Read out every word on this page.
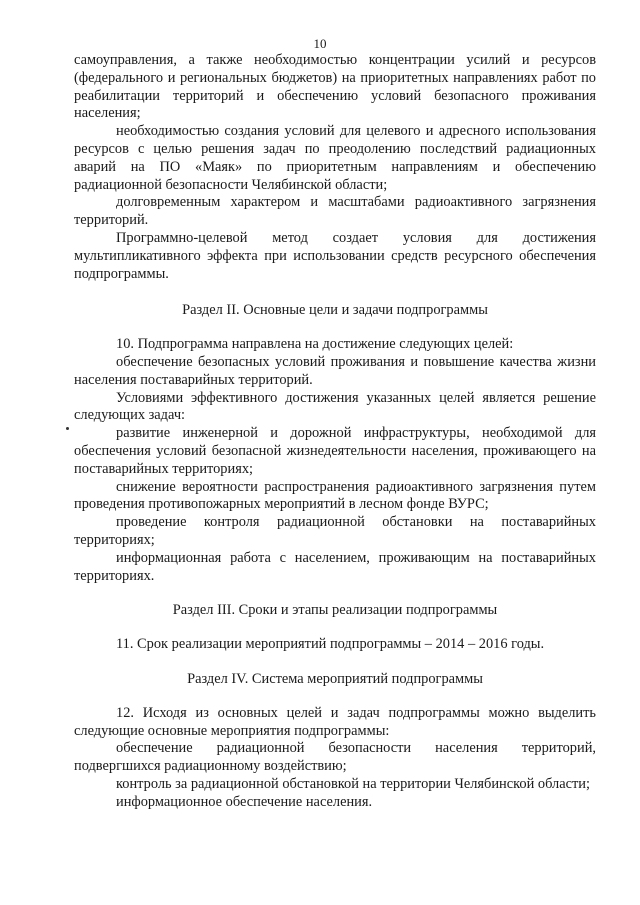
10

самоуправления, а также необходимостью концентрации усилий и ресурсов (федерального и региональных бюджетов) на приоритетных направлениях работ по реабилитации территорий и обеспечению условий безопасного проживания населения;

необходимостью создания условий для целевого и адресного использования ресурсов с целью решения задач по преодолению последствий радиационных аварий на ПО «Маяк» по приоритетным направлениям и обеспечению радиационной безопасности Челябинской области;

долговременным характером и масштабами радиоактивного загрязнения территорий.

Программно-целевой метод создает условия для достижения мультипликативного эффекта при использовании средств ресурсного обеспечения подпрограммы.

Раздел II. Основные цели и задачи подпрограммы

10. Подпрограмма направлена на достижение следующих целей:

обеспечение безопасных условий проживания и повышение качества жизни населения поставарийных территорий.

Условиями эффективного достижения указанных целей является решение следующих задач:

развитие инженерной и дорожной инфраструктуры, необходимой для обеспечения условий безопасной жизнедеятельности населения, проживающего на поставарийных территориях;

снижение вероятности распространения радиоактивного загрязнения путем проведения противопожарных мероприятий в лесном фонде ВУРС;

проведение контроля радиационной обстановки на поставарийных территориях;

информационная работа с населением, проживающим на поставарийных территориях.

Раздел III. Сроки и этапы реализации подпрограммы

11. Срок реализации мероприятий подпрограммы – 2014 – 2016 годы.

Раздел IV. Система мероприятий подпрограммы

12. Исходя из основных целей и задач подпрограммы можно выделить следующие основные мероприятия подпрограммы:

обеспечение радиационной безопасности населения территорий, подвергшихся радиационному воздействию;

контроль за радиационной обстановкой на территории Челябинской области;

информационное обеспечение населения.
